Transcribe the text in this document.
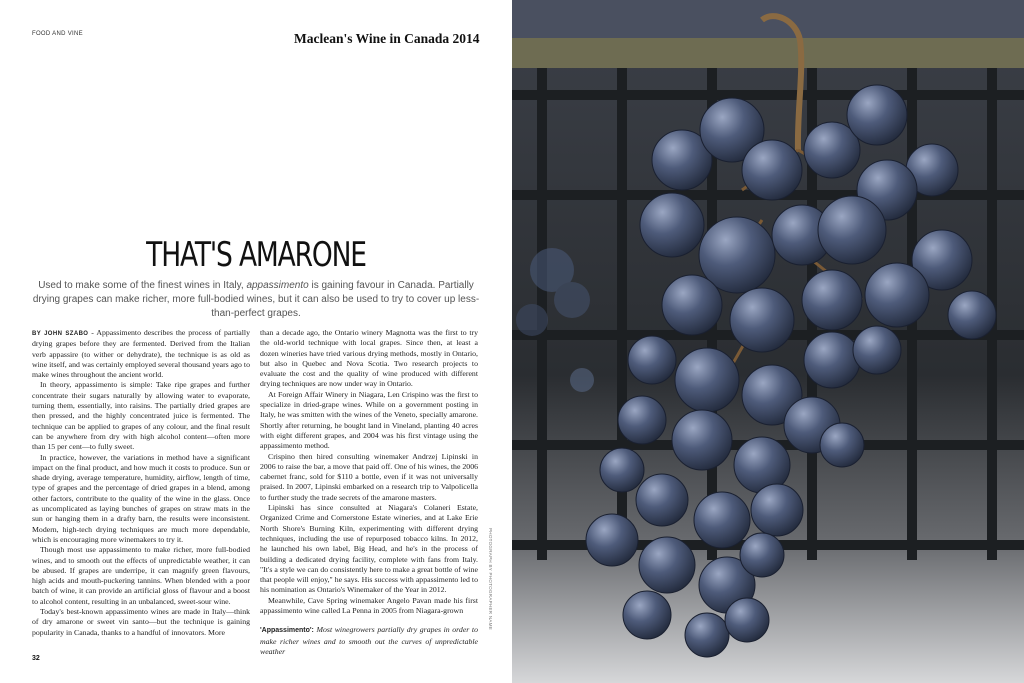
FOOD AND VINE	Maclean's Wine in Canada 2014
THAT'S AMARONE
Used to make some of the finest wines in Italy, appassimento is gaining favour in Canada. Partially drying grapes can make richer, more full-bodied wines, but it can also be used to try to cover up less-than-perfect grapes.

BY JOHN SZABO - Appassimento describes the process of partially drying grapes before they are fermented. Derived from the Italian verb appassire (to wither or dehydrate), the technique is as old as wine itself, and was certainly employed several thousand years ago to make wines throughout the ancient world.

In theory, appassimento is simple: Take ripe grapes and further concentrate their sugars naturally by allowing water to evaporate, turning them, essentially, into raisins. The partially dried grapes are then pressed, and the highly concentrated juice is fermented. The technique can be applied to grapes of any colour, and the final result can be anywhere from dry with high alcohol content—often more than 15 per cent—to fully sweet.

In practice, however, the variations in method have a significant impact on the final product, and how much it costs to produce. Sun or shade drying, average temperature, humidity, airflow, length of time, type of grapes and the percentage of dried grapes in a blend, among other factors, contribute to the quality of the wine in the glass. Once as uncomplicated as laying bunches of grapes on straw mats in the sun or hanging them in a drafty barn, the results were inconsistent. Modern, high-tech drying techniques are much more dependable, which is encouraging more winemakers to try it.

Though most use appassimento to make richer, more full-bodied wines, and to smooth out the effects of unpredictable weather, it can be abused. If grapes are underripe, it can magnify green flavours, high acids and mouth-puckering tannins. When blended with a poor batch of wine, it can provide an artificial gloss of flavour and a boost to alcohol content, resulting in an unbalanced, sweet-sour wine.

Today's best-known appassimento wines are made in Italy—think of dry amarone or sweet vin santo—but the technique is gaining popularity in Canada, thanks to a handful of innovators. More

than a decade ago, the Ontario winery Magnotta was the first to try the old-world technique with local grapes. Since then, at least a dozen wineries have tried various drying methods, mostly in Ontario, but also in Quebec and Nova Scotia. Two research projects to evaluate the cost and the quality of wine produced with different drying techniques are now under way in Ontario.

At Foreign Affair Winery in Niagara, Len Crispino was the first to specialize in dried-grape wines. While on a government posting in Italy, he was smitten with the wines of the Veneto, specially amarone. Shortly after returning, he bought land in Vineland, planting 40 acres with eight different grapes, and 2004 was his first vintage using the appassimento method.

Crispino then hired consulting winemaker Andrzej Lipinski in 2006 to raise the bar, a move that paid off. One of his wines, the 2006 cabernet franc, sold for $110 a bottle, even if it was not universally praised. In 2007, Lipinski embarked on a research trip to Valpolicella to further study the trade secrets of the amarone masters.

Lipinski has since consulted at Niagara's Colaneri Estate, Organized Crime and Cornerstone Estate wineries, and at Lake Erie North Shore's Burning Kiln, experimenting with different drying techniques, including the use of repurposed tobacco kilns. In 2012, he launched his own label, Big Head, and he's in the process of building a dedicated drying facility, complete with fans from Italy. "It's a style we can do consistently here to make a great bottle of wine that people will enjoy," he says. His success with appassimento led to his nomination as Ontario's Winemaker of the Year in 2012.

Meanwhile, Cave Spring winemaker Angelo Pavan made his first appassimento wine called La Penna in 2005 from Niagara-grown

'Appassimento': Most winegrowers partially dry grapes in order to make richer wines and to smooth out the curves of unpredictable weather
PHOTOGRAPH BY PHOTOGRAPHER NAME
32
